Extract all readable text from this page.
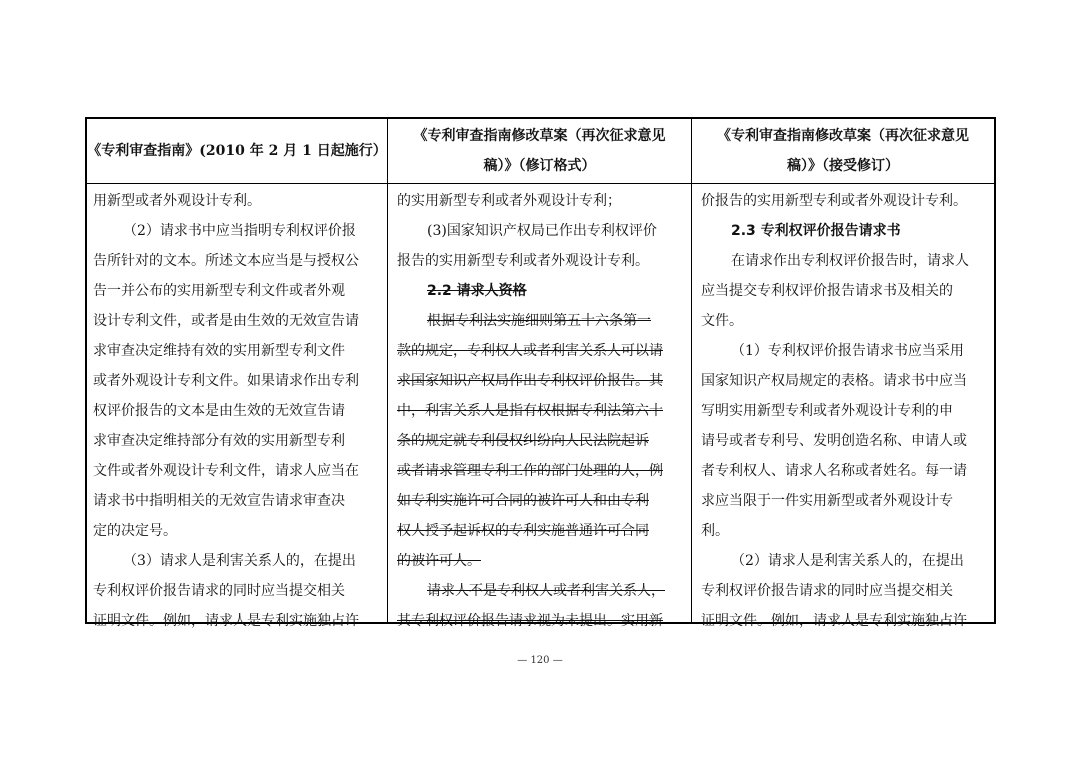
《专利审查指南》(2010 年 2 月 1 日起施行）
《专利审查指南修改草案（再次征求意见
稿）》（修订格式）
《专利审查指南修改草案（再次征求意见
稿）》（接受修订）
用新型或者外观设计专利。
（2）请求书中应当指明专利权评价报
告所针对的文本。所述文本应当是与授权公
告一并公布的实用新型专利文件或者外观
设计专利文件，或者是由生效的无效宣告请
求审查决定维持有效的实用新型专利文件
或者外观设计专利文件。如果请求作出专利
权评价报告的文本是由生效的无效宣告请
求审查决定维持部分有效的实用新型专利
文件或者外观设计专利文件，请求人应当在
请求书中指明相关的无效宣告请求审查决
定的决定号。
（3）请求人是利害关系人的，在提出
专利权评价报告请求的同时应当提交相关
证明文件。例如，请求人是专利实施独占许
的实用新型专利或者外观设计专利；
(3)国家知识产权局已作出专利权评价
报告的实用新型专利或者外观设计专利。
2.2 请求人资格
根据专利法实施细则第五十六条第一
款的规定，专利权人或者利害关系人可以请
求国家知识产权局作出专利权评价报告。其
中，利害关系人是指有权根据专利法第六十
条的规定就专利侵权纠纷向人民法院起诉
或者请求管理专利工作的部门处理的人，例
如专利实施许可合同的被许可人和由专利
权人授予起诉权的专利实施普通许可合同
的被许可人。
请求人不是专利权人或者利害关系人，
其专利权评价报告请求视为未提出。实用新
价报告的实用新型专利或者外观设计专利。
2.3 专利权评价报告请求书
在请求作出专利权评价报告时，请求人
应当提交专利权评价报告请求书及相关的
文件。
（1）专利权评价报告请求书应当采用
国家知识产权局规定的表格。请求书中应当
写明实用新型专利或者外观设计专利的申
请号或者专利号、发明创造名称、申请人或
者专利权人、请求人名称或者姓名。每一请
求应当限于一件实用新型或者外观设计专
利。
（2）请求人是利害关系人的，在提出
专利权评价报告请求的同时应当提交相关
证明文件。例如，请求人是专利实施独占许
— 120 —
